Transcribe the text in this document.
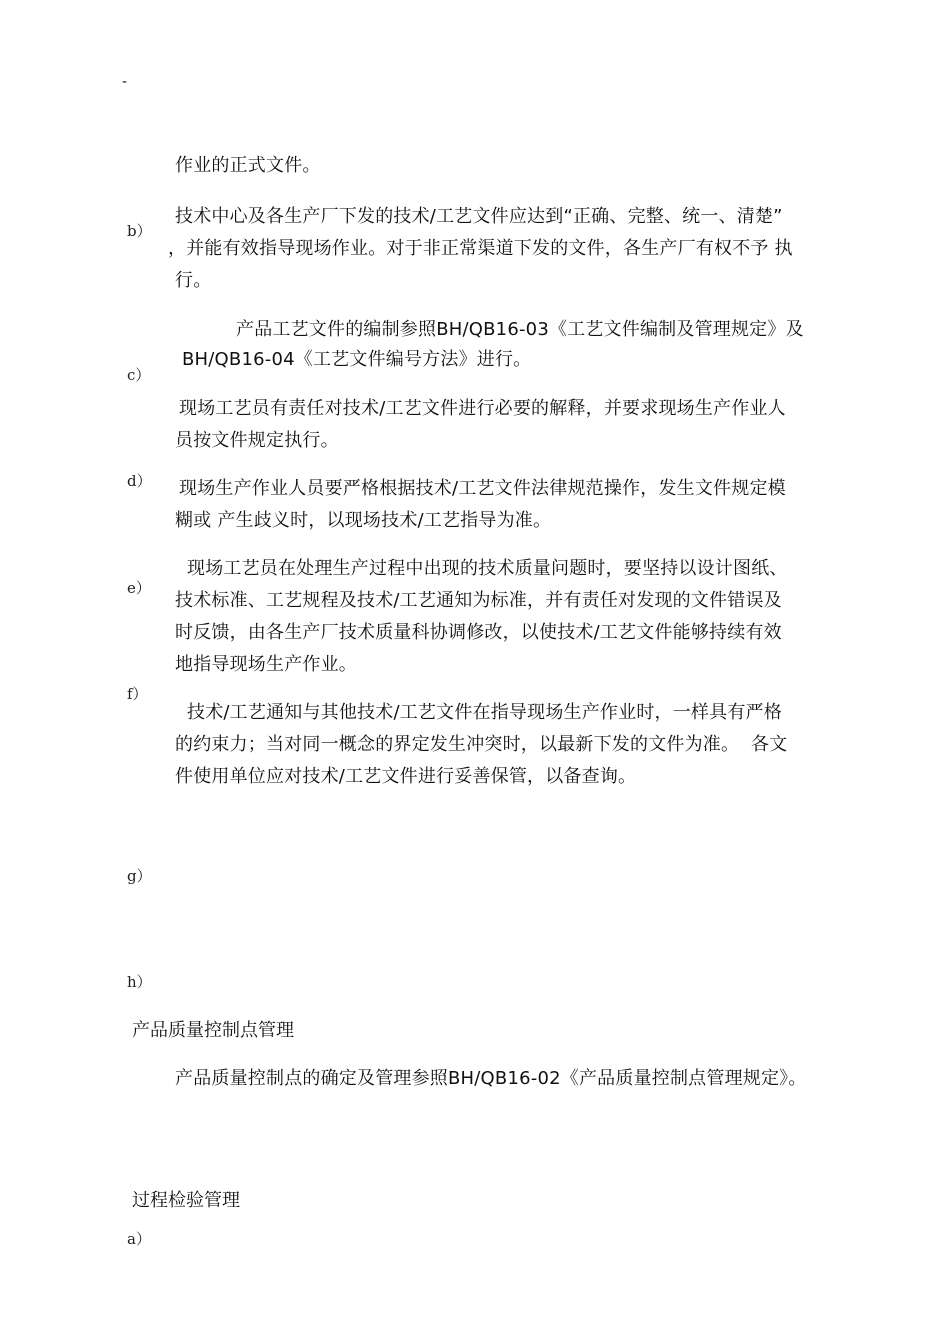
-
作业的正式文件。
b）
技术中心及各生产厂下发的技术/工艺文件应达到“正确、完整、统一、清楚”
，并能有效指导现场作业。对于非正常渠道下发的文件，各生产厂有权不予 执
行。
c）
产品工艺文件的编制参照BH/QB16-03《工艺文件编制及管理规定》及
BH/QB16-04《工艺文件编号方法》进行。
现场工艺员有责任对技术/工艺文件进行必要的解释，并要求现场生产作业人
员按文件规定执行。
d） 现场生产作业人员要严格根据技术/工艺文件法律规范操作，发生文件规定模
糊或 产生歧义时，以现场技术/工艺指导为准。
e）
现场工艺员在处理生产过程中出现的技术质量问题时，要坚持以设计图纸、
技术标准、工艺规程及技术/工艺通知为标准，并有责任对发现的文件错误及
时反馈，由各生产厂技术质量科协调修改，以使技术/工艺文件能够持续有效
地指导现场生产作业。
f）
技术/工艺通知与其他技术/工艺文件在指导现场生产作业时，一样具有严格
的约束力；当对同一概念的界定发生冲突时，以最新下发的文件为准。  各文
件使用单位应对技术/工艺文件进行妥善保管，以备查询。
g）
h）
产品质量控制点管理
产品质量控制点的确定及管理参照BH/QB16-02《产品质量控制点管理规定》。
过程检验管理
a）
